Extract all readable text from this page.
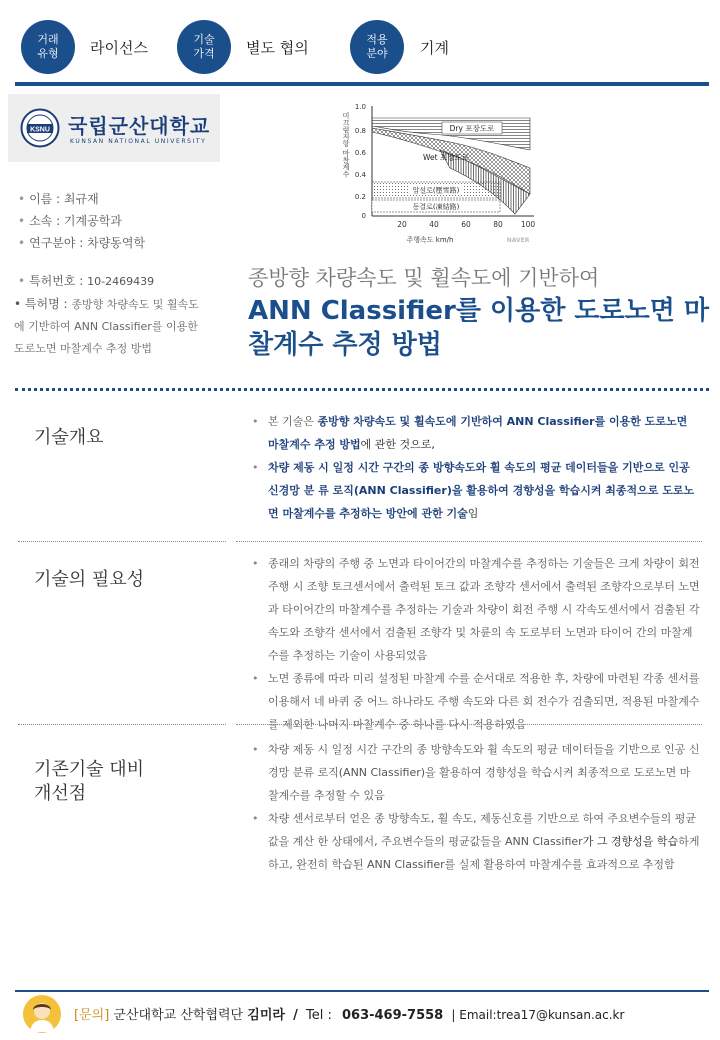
거래
유형 라이선스	기술
가격 별도 협의	적용
분야 기계
KSNU 국립군산대학교
KUNSAN NATIONAL UNIVERSITY
• 이름 : 최규재
• 소속 : 기계공학과
• 연구분야 : 차량동역학
• 특허번호 : 10-2469439
• 특허명 : 종방향 차량속도 및 휠속도에 기반하여 ANN Classifier를 이용한 도로노면 마찰계수 추정 방법
Dry 포장도로
Wet 포장도로
압설로(壓雪路)
동결로(凍結路)
1.0
0.8
0.6
0.4
0.2
0
미끄럼저항 마찰계수
20	40	60	80 100
주행속도 km/h	NAVER
종방향 차량속도 및 휠속도에 기반하여
ANN Classifier를 이용한 도로노면 마찰계수 추정 방법
기술개요
• 본 기술은 종방향 차량속도 및 휠속도에 기반하여 ANN Classifier를 이용한 도로노면 마찰계수 추정 방법에 관한 것으로,
• 차량 제동 시 일정 시간 구간의 종 방향속도와 휠 속도의 평균 데이터들을 기반으로 인공 신경망 분 류 로직(ANN Classifier)을 활용하여 경향성을 학습시켜 최종적으로 도로노면 마찰계수를 추정하는 방안에 관한 기술임
기술의 필요성
• 종래의 차량의 주행 중 노면과 타이어간의 마찰계수를 추정하는 기술들은 크게 차량이 회전 주행 시 조향 토크센서에서 출력된 토크 값과 조향각 센서에서 출력된 조향각으로부터 노면과 타이어간의 마찰계수를 추정하는 기술과 차량이 회전 주행 시 각속도센서에서 검출된 각속도와 조향각 센서에서 검출된 조향각 및 차륜의 속 도로부터 노면과 타이어 간의 마찰계수를 추정하는 기술이 사용되었음
• 노면 종류에 따라 미리 설정된 마찰계 수를 순서대로 적용한 후, 차량에 마련된 각종 센서를 이용해서 네 바퀴 중 어느 하나라도 주행 속도와 다른 회 전수가 검출되면, 적용된 마찰계수를 제외한 나머지 마찰계수 중 하나를 다시 적용하였음
기존기술 대비
개선점
• 차량 제동 시 일정 시간 구간의 종 방향속도와 휠 속도의 평균 데이터들을 기반으로 인공 신경망 분류 로직(ANN Classifier)을 활용하여 경향성을 학습시켜 최종적으로 도로노면 마찰계수를 추정할 수 있음
• 차량 센서로부터 얻은 종 방향속도, 휠 속도, 제동신호를 기반으로 하여 주요변수들의 평균값을 계산 한 상태에서, 주요변수들의 평균값들을 ANN Classifier가 그 경향성을 학습하게 하고, 완전히 학습된 ANN Classifier를 실제 활용하여 마찰계수를 효과적으로 추정함
[문의] 군산대학교 산학협력단 김미라 / Tel : 063-469-7558 | Email:trea17@kunsan.ac.kr
